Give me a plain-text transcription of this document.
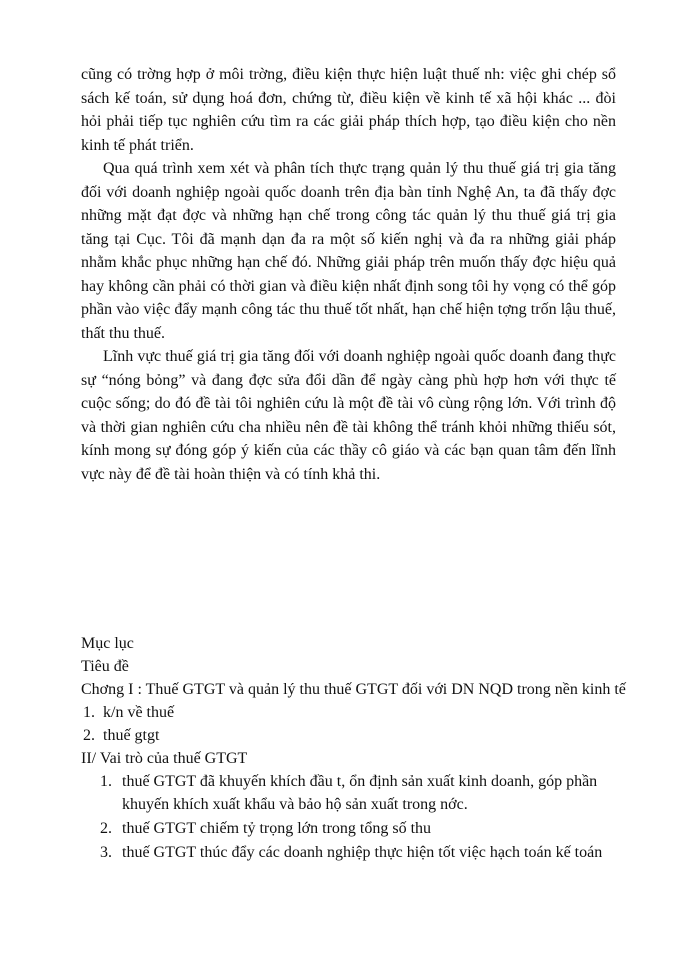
cũng có trờng hợp ở môi trờng, điều kiện thực hiện luật thuế nh: việc ghi chép sổ sách kế toán, sử dụng hoá đơn, chứng từ, điều kiện về kinh tế xã hội khác ... đòi hỏi phải tiếp tục nghiên cứu tìm ra các giải pháp thích hợp, tạo điều kiện cho nền kinh tế phát triển.

Qua quá trình xem xét và phân tích thực trạng quản lý thu thuế giá trị gia tăng đối với doanh nghiệp ngoài quốc doanh trên địa bàn tỉnh Nghệ An, ta đã thấy đợc những mặt đạt đợc và những hạn chế trong công tác quản lý thu thuế giá trị gia tăng tại Cục. Tôi đã mạnh dạn đa ra một số kiến nghị và đa ra những giải pháp nhằm khắc phục những hạn chế đó. Những giải pháp trên muốn thấy đợc hiệu quả hay không cần phải có thời gian và điều kiện nhất định song tôi hy vọng có thể góp phần vào việc đẩy mạnh công tác thu thuế tốt nhất, hạn chế hiện tợng trốn lậu thuế, thất thu thuế.

Lĩnh vực thuế giá trị gia tăng đối với doanh nghiệp ngoài quốc doanh đang thực sự “nóng bỏng” và đang đợc sửa đổi dần để ngày càng phù hợp hơn với thực tế cuộc sống; do đó đề tài tôi nghiên cứu là một đề tài vô cùng rộng lớn. Với trình độ và thời gian nghiên cứu cha nhiều nên đề tài không thể tránh khỏi những thiếu sót, kính mong sự đóng góp ý kiến của các thầy cô giáo và các bạn quan tâm đến lĩnh vực này để đề tài hoàn thiện và có tính khả thi.

Mục lục

Tiêu đề

Chơng I : Thuế GTGT và quản lý thu thuế GTGT đối với DN NQD trong nền kinh tế

1. k/n về thuế
2. thuế gtgt

II/ Vai trò của thuế GTGT

1. thuế GTGT đã khuyến khích đầu t, ổn định sản xuất kinh doanh, góp phần khuyến khích xuất khẩu và bảo hộ sản xuất trong nớc.
2. thuế GTGT chiếm tỷ trọng lớn trong tổng số thu
3. thuế GTGT thúc đẩy các doanh nghiệp thực hiện tốt việc hạch toán kế toán
